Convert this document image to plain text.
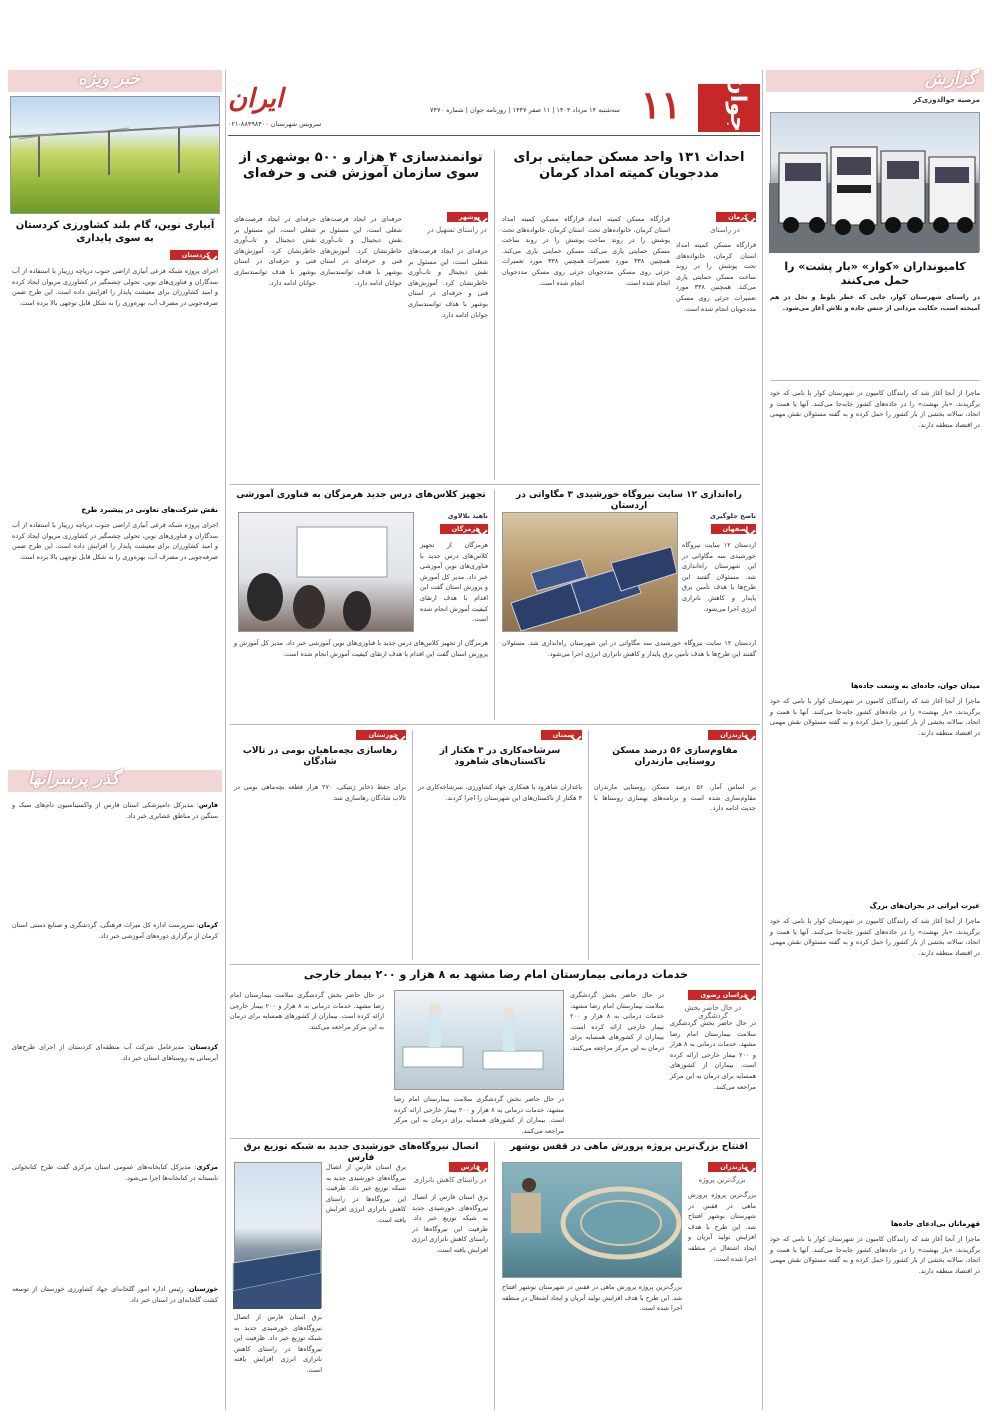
جوان
۱۱
سه‌شنبه ۱۴ مرداد ۱۴۰۴ | ۱۱ صفر ۱۴۴۷ | روزنامه جوان | شماره ۷۴۷۰
ایران
سرویس شهرستان ۸۸۴۹۸۴۰۰-۰۲۱
گزارش
مرضیه جوالدوزی‌کر
کامیونداران «کوار» «بار پشت» را حمل می‌کنند
در راستای شهرستان کوار، جایی که عطر بلوط و نخل در هم آمیخته است، حکایت مردانی از جنس جاده و تلاش آغاز می‌شود.
ماجرا از آنجا آغاز شد که رانندگان کامیون در شهرستان کوار با نامی که خود برگزیدند، «بار بهشت» را در جاده‌های کشور جابه‌جا می‌کنند. آنها با همت و اتحاد، سالانه بخشی از بار کشور را حمل کرده و به گفته مسئولان نقش مهمی در اقتصاد منطقه دارند.
میدان جوان، جاده‌ای به وسعت جاده‌ها
ماجرا از آنجا آغاز شد که رانندگان کامیون در شهرستان کوار با نامی که خود برگزیدند، «بار بهشت» را در جاده‌های کشور جابه‌جا می‌کنند. آنها با همت و اتحاد، سالانه بخشی از بار کشور را حمل کرده و به گفته مسئولان نقش مهمی در اقتصاد منطقه دارند.
غیرت ایرانی در بحران‌های بزرگ
ماجرا از آنجا آغاز شد که رانندگان کامیون در شهرستان کوار با نامی که خود برگزیدند، «بار بهشت» را در جاده‌های کشور جابه‌جا می‌کنند. آنها با همت و اتحاد، سالانه بخشی از بار کشور را حمل کرده و به گفته مسئولان نقش مهمی در اقتصاد منطقه دارند.
قهرمانان بی‌ادعای جاده‌ها
ماجرا از آنجا آغاز شد که رانندگان کامیون در شهرستان کوار با نامی که خود برگزیدند، «بار بهشت» را در جاده‌های کشور جابه‌جا می‌کنند. آنها با همت و اتحاد، سالانه بخشی از بار کشور را حمل کرده و به گفته مسئولان نقش مهمی در اقتصاد منطقه دارند.
خبر ویژه
آبیاری نوین، گام بلند کشاورزی کردستان به سوی پایداری
کردستان
اجرای پروژه شبکه فرعی آبیاری اراضی جنوب دریاچه زریبار با استفاده از آب سدگاران و فناوری‌های نوین، تحولی چشمگیر در کشاورزی مریوان ایجاد کرده و امید کشاورزان برای معیشت پایدار را افزایش داده است. این طرح ضمن صرفه‌جویی در مصرف آب، بهره‌وری را به شکل قابل توجهی بالا برده است.
نقش شرکت‌های تعاونی در پیشبرد طرح
اجرای پروژه شبکه فرعی آبیاری اراضی جنوب دریاچه زریبار با استفاده از آب سدگاران و فناوری‌های نوین، تحولی چشمگیر در کشاورزی مریوان ایجاد کرده و امید کشاورزان برای معیشت پایدار را افزایش داده است. این طرح ضمن صرفه‌جویی در مصرف آب، بهره‌وری را به شکل قابل توجهی بالا برده است.
گذر پرسرانها
فارس: مدیرکل دامپزشکی استان فارس از واکسیناسیون دام‌های سبک و سنگین در مناطق عشایری خبر داد.
کرمان: سرپرست اداره کل میراث فرهنگی، گردشگری و صنایع دستی استان کرمان از برگزاری دوره‌های آموزشی خبر داد.
کردستان: مدیرعامل شرکت آب منطقه‌ای کردستان از اجرای طرح‌های آبرسانی به روستاهای استان خبر داد.
مرکزی: مدیرکل کتابخانه‌های عمومی استان مرکزی گفت طرح کتابخوانی تابستانه در کتابخانه‌ها اجرا می‌شود.
خوزستان: رئیس اداره امور گلخانه‌ای جهاد کشاورزی خوزستان از توسعه کشت گلخانه‌ای در استان خبر داد.
احداث ۱۳۱ واحد مسکن حمایتی برای مددجویان کمیته امداد کرمان
کرمان
در راستای
قرارگاه مسکن کمیته امداد استان کرمان، خانواده‌های تحت پوشش را در روند ساخت مسکن حمایتی یاری می‌کند. همچنین ۳۳۸ مورد تعمیرات جزئی روی مسکن مددجویان انجام شده است.
قرارگاه مسکن کمیته امداد استان کرمان، خانواده‌های تحت پوشش را در روند ساخت مسکن حمایتی یاری می‌کند. همچنین ۳۳۸ مورد تعمیرات جزئی روی مسکن مددجویان انجام شده است.
قرارگاه مسکن کمیته امداد استان کرمان، خانواده‌های تحت پوشش را در روند ساخت مسکن حمایتی یاری می‌کند. همچنین ۳۳۸ مورد تعمیرات جزئی روی مسکن مددجویان انجام شده است.
توانمندسازی ۴ هزار و ۵۰۰ بوشهری از سوی سازمان آموزش فنی و حرفه‌ای
بوشهر
در راستای تسهیل در
حرفه‌ای در ایجاد فرصت‌های شغلی است، این مسئول بر نقش دیجیتال و تاب‌آوری خاطرنشان کرد. آموزش‌های فنی و حرفه‌ای در استان بوشهر با هدف توانمندسازی جوانان ادامه دارد.
حرفه‌ای در ایجاد فرصت‌های شغلی است، این مسئول بر نقش دیجیتال و تاب‌آوری خاطرنشان کرد. آموزش‌های فنی و حرفه‌ای در استان بوشهر با هدف توانمندسازی جوانان ادامه دارد.
حرفه‌ای در ایجاد فرصت‌های شغلی است، این مسئول بر نقش دیجیتال و تاب‌آوری خاطرنشان کرد. آموزش‌های فنی و حرفه‌ای در استان بوشهر با هدف توانمندسازی جوانان ادامه دارد.
راه‌اندازی ۱۲ سایت نیروگاه خورشیدی ۳ مگاواتی در اردستان
ناصح جلوگیری
اصفهان
اردستان ۱۲ سایت نیروگاه خورشیدی سه مگاواتی در این شهرستان راه‌اندازی شد. مسئولان گفتند این طرح‌ها با هدف تأمین برق پایدار و کاهش ناترازی انرژی اجرا می‌شود.
اردستان ۱۲ سایت نیروگاه خورشیدی سه مگاواتی در این شهرستان راه‌اندازی شد. مسئولان گفتند این طرح‌ها با هدف تأمین برق پایدار و کاهش ناترازی انرژی اجرا می‌شود.
تجهیز کلاس‌های درس جدید هرمزگان به فناوری آموزشی
ناهید بلالاوی
هرمزگان
هرمزگان از تجهیز کلاس‌های درس جدید با فناوری‌های نوین آموزشی خبر داد. مدیر کل آموزش و پرورش استان گفت این اقدام با هدف ارتقای کیفیت آموزش انجام شده است.
هرمزگان از تجهیز کلاس‌های درس جدید با فناوری‌های نوین آموزشی خبر داد. مدیر کل آموزش و پرورش استان گفت این اقدام با هدف ارتقای کیفیت آموزش انجام شده است.
مازندران
مقاوم‌سازی ۵۶ درصد مسکن روستایی مازندران
بر اساس آمار، ۵۶ درصد مسکن روستایی مازندران مقاوم‌سازی شده است و برنامه‌های بهسازی روستاها با جدیت ادامه دارد.
سمنان
سرشاخه‌کاری در ۳ هکتار از تاکستان‌های شاهرود
باغداران شاهرود با همکاری جهاد کشاورزی، سرشاخه‌کاری در ۳ هکتار از تاکستان‌های این شهرستان را اجرا کردند.
خوزستان
رهاسازی بچه‌ماهیان بومی در تالاب شادگان
برای حفظ ذخایر ژنتیکی، ۲۷۰ هزار قطعه بچه‌ماهی بومی در تالاب شادگان رهاسازی شد.
خدمات درمانی بیمارستان امام رضا مشهد به ۸ هزار و ۲۰۰ بیمار خارجی
خراسان رضوی
در حال حاضر بخش گردشگری
در حال حاضر بخش گردشگری سلامت بیمارستان امام رضا مشهد، خدمات درمانی به ۸ هزار و ۲۰۰ بیمار خارجی ارائه کرده است. بیماران از کشورهای همسایه برای درمان به این مرکز مراجعه می‌کنند.
در حال حاضر بخش گردشگری سلامت بیمارستان امام رضا مشهد، خدمات درمانی به ۸ هزار و ۲۰۰ بیمار خارجی ارائه کرده است. بیماران از کشورهای همسایه برای درمان به این مرکز مراجعه می‌کنند.
در حال حاضر بخش گردشگری سلامت بیمارستان امام رضا مشهد، خدمات درمانی به ۸ هزار و ۲۰۰ بیمار خارجی ارائه کرده است. بیماران از کشورهای همسایه برای درمان به این مرکز مراجعه می‌کنند.
در حال حاضر بخش گردشگری سلامت بیمارستان امام رضا مشهد، خدمات درمانی به ۸ هزار و ۲۰۰ بیمار خارجی ارائه کرده است. بیماران از کشورهای همسایه برای درمان به این مرکز مراجعه می‌کنند.
افتتاح بزرگ‌ترین پروژه پرورش ماهی در قفس نوشهر
مازندران
بزرگ‌ترین پروژه
بزرگ‌ترین پروژه پرورش ماهی در قفس در شهرستان نوشهر افتتاح شد. این طرح با هدف افزایش تولید آبزیان و ایجاد اشتغال در منطقه اجرا شده است.
بزرگ‌ترین پروژه پرورش ماهی در قفس در شهرستان نوشهر افتتاح شد. این طرح با هدف افزایش تولید آبزیان و ایجاد اشتغال در منطقه اجرا شده است.
اتصال نیروگاه‌های خورشیدی جدید به شبکه توزیع برق فارس
فارس
در راستای کاهش ناترازی
برق استان فارس از اتصال نیروگاه‌های خورشیدی جدید به شبکه توزیع خبر داد. ظرفیت این نیروگاه‌ها در راستای کاهش ناترازی انرژی افزایش یافته است.
برق استان فارس از اتصال نیروگاه‌های خورشیدی جدید به شبکه توزیع خبر داد. ظرفیت این نیروگاه‌ها در راستای کاهش ناترازی انرژی افزایش یافته است.
برق استان فارس از اتصال نیروگاه‌های خورشیدی جدید به شبکه توزیع خبر داد. ظرفیت این نیروگاه‌ها در راستای کاهش ناترازی انرژی افزایش یافته است.
